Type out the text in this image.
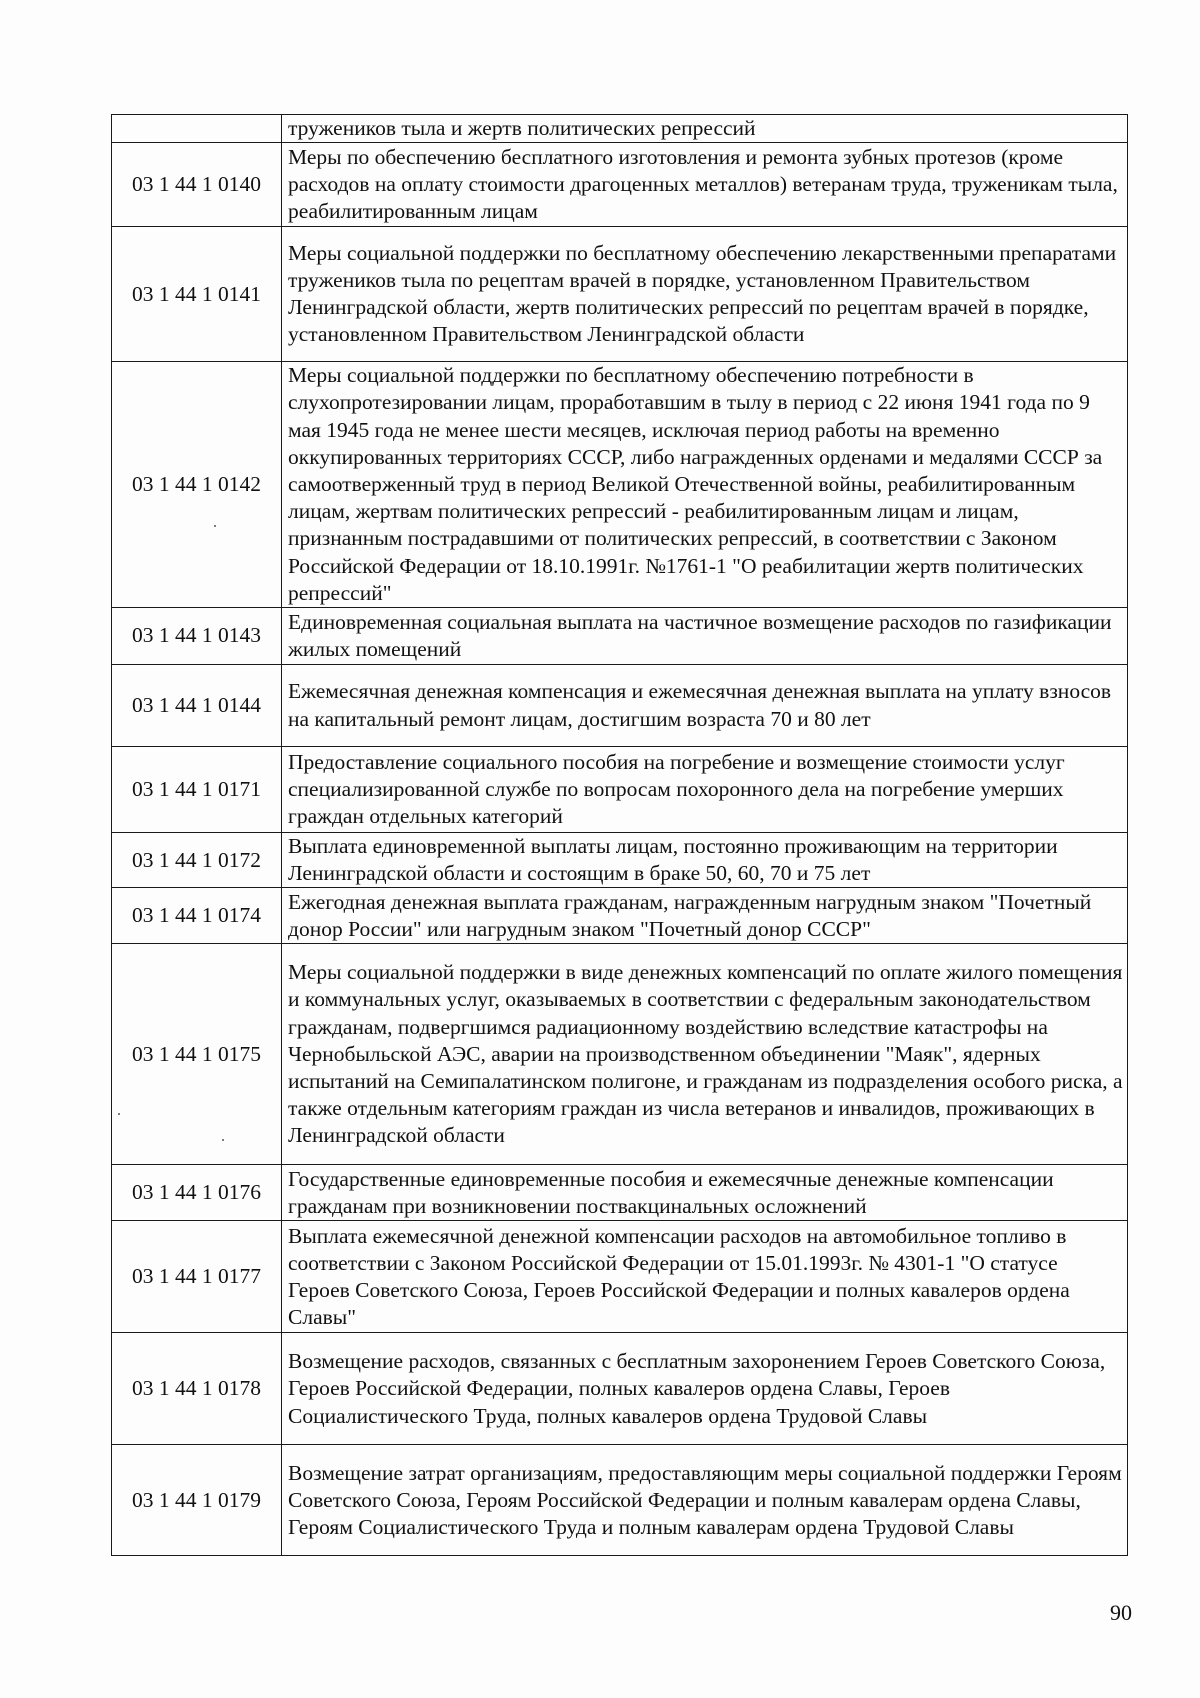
	тружеников тыла и жертв политических репрессий
03 1 44 1 0140	Меры по обеспечению бесплатного изготовления и ремонта зубных протезов (кроме расходов на оплату стоимости драгоценных металлов) ветеранам труда, труженикам тыла, реабилитированным лицам
03 1 44 1 0141	Меры социальной поддержки по бесплатному обеспечению лекарственными препаратами тружеников тыла по рецептам врачей в порядке, установленном Правительством Ленинградской области, жертв политических репрессий по рецептам врачей в порядке, установленном Правительством Ленинградской области
03 1 44 1 0142	Меры социальной поддержки по бесплатному обеспечению потребности в слухопротезировании лицам, проработавшим в тылу в период с 22 июня 1941 года по 9 мая 1945 года не менее шести месяцев, исключая период работы на временно оккупированных территориях СССР, либо награжденных орденами и медалями СССР за самоотверженный труд в период Великой Отечественной войны, реабилитированным лицам, жертвам политических репрессий - реабилитированным лицам и лицам, признанным пострадавшими от политических репрессий, в соответствии с Законом Российской Федерации от 18.10.1991г. №1761-1 "О реабилитации жертв политических репрессий"
03 1 44 1 0143	Единовременная социальная выплата на частичное возмещение расходов по газификации жилых помещений
03 1 44 1 0144	Ежемесячная денежная компенсация и ежемесячная денежная выплата на уплату взносов на капитальный ремонт лицам, достигшим возраста 70 и 80 лет
03 1 44 1 0171	Предоставление социального пособия на погребение и возмещение стоимости услуг специализированной службе по вопросам похоронного дела на погребение умерших граждан отдельных категорий
03 1 44 1 0172	Выплата единовременной выплаты лицам, постоянно проживающим на территории Ленинградской области и состоящим в браке 50, 60, 70 и 75 лет
03 1 44 1 0174	Ежегодная денежная выплата гражданам, награжденным нагрудным знаком "Почетный донор России" или нагрудным знаком "Почетный донор СССР"
03 1 44 1 0175	Меры социальной поддержки в виде денежных компенсаций по оплате жилого помещения и коммунальных услуг, оказываемых в соответствии с федеральным законодательством гражданам, подвергшимся радиационному воздействию вследствие катастрофы на Чернобыльской АЭС, аварии на производственном объединении "Маяк", ядерных испытаний на Семипалатинском полигоне, и гражданам из подразделения особого риска, а также отдельным категориям граждан из числа ветеранов и инвалидов, проживающих в Ленинградской области
03 1 44 1 0176	Государственные единовременные пособия и ежемесячные денежные компенсации гражданам при возникновении поствакцинальных осложнений
03 1 44 1 0177	Выплата ежемесячной денежной компенсации расходов на автомобильное топливо в соответствии с Законом Российской Федерации от 15.01.1993г. № 4301-1 "О статусе Героев Советского Союза, Героев Российской Федерации и полных кавалеров ордена Славы"
03 1 44 1 0178	Возмещение расходов, связанных с бесплатным захоронением Героев Советского Союза, Героев Российской Федерации, полных кавалеров ордена Славы, Героев Социалистического Труда, полных кавалеров ордена Трудовой Славы
03 1 44 1 0179	Возмещение затрат организациям, предоставляющим меры социальной поддержки Героям Советского Союза, Героям Российской Федерации и полным кавалерам ордена Славы, Героям Социалистического Труда и полным кавалерам ордена Трудовой Славы
90
